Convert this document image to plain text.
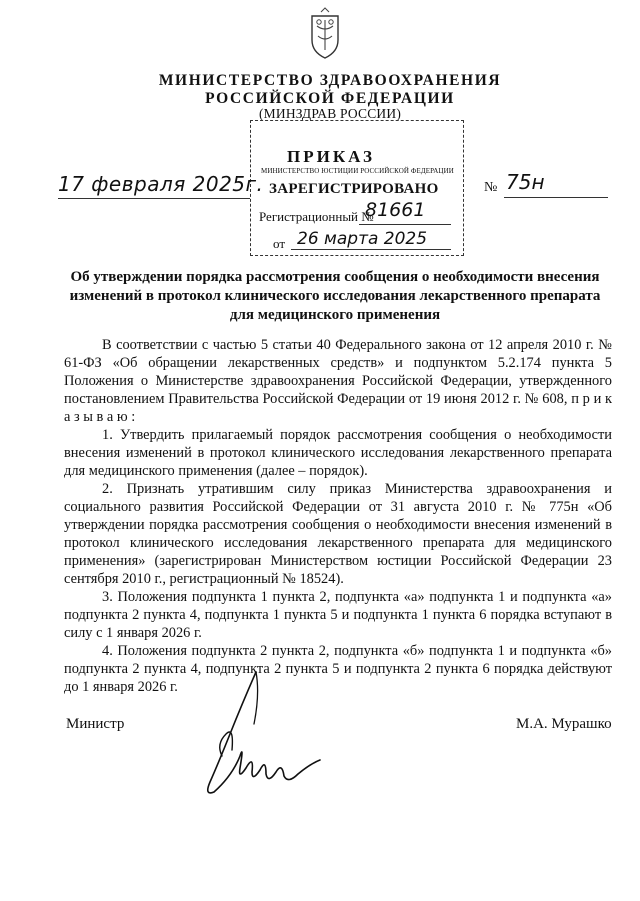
МИНИСТЕРСТВО ЗДРАВООХРАНЕНИЯ
РОССИЙСКОЙ ФЕДЕРАЦИИ
(МИНЗДРАВ РОССИИ)
ПРИКАЗ
МИНИСТЕРСТВО ЮСТИЦИИ РОССИЙСКОЙ ФЕДЕРАЦИИ
ЗАРЕГИСТРИРОВАНО
Регистрационный №
81661
от 26 марта 2025
17 февраля 2025г.	№ 75н
Об утверждении порядка рассмотрения сообщения о необходимости внесения изменений в протокол клинического исследования лекарственного препарата для медицинского применения

В соответствии с частью 5 статьи 40 Федерального закона от 12 апреля 2010 г. № 61-ФЗ «Об обращении лекарственных средств» и подпунктом 5.2.174 пункта 5 Положения о Министерстве здравоохранения Российской Федерации, утвержденного постановлением Правительства Российской Федерации от 19 июня 2012 г. № 608, п р и к а з ы в а ю :

1. Утвердить прилагаемый порядок рассмотрения сообщения о необходимости внесения изменений в протокол клинического исследования лекарственного препарата для медицинского применения (далее – порядок).

2. Признать утратившим силу приказ Министерства здравоохранения и социального развития Российской Федерации от 31 августа 2010 г. № 775н «Об утверждении порядка рассмотрения сообщения о необходимости внесения изменений в протокол клинического исследования лекарственного препарата для медицинского применения» (зарегистрирован Министерством юстиции Российской Федерации 23 сентября 2010 г., регистрационный № 18524).

3. Положения подпункта 1 пункта 2, подпункта «а» подпункта 1 и подпункта «а» подпункта 2 пункта 4, подпункта 1 пункта 5 и подпункта 1 пункта 6 порядка вступают в силу с 1 января 2026 г.

4. Положения подпункта 2 пункта 2, подпункта «б» подпункта 1 и подпункта «б» подпункта 2 пункта 4, подпункта 2 пункта 5 и подпункта 2 пункта 6 порядка действуют до 1 января 2026 г.

Министр	М.А. Мурашко
